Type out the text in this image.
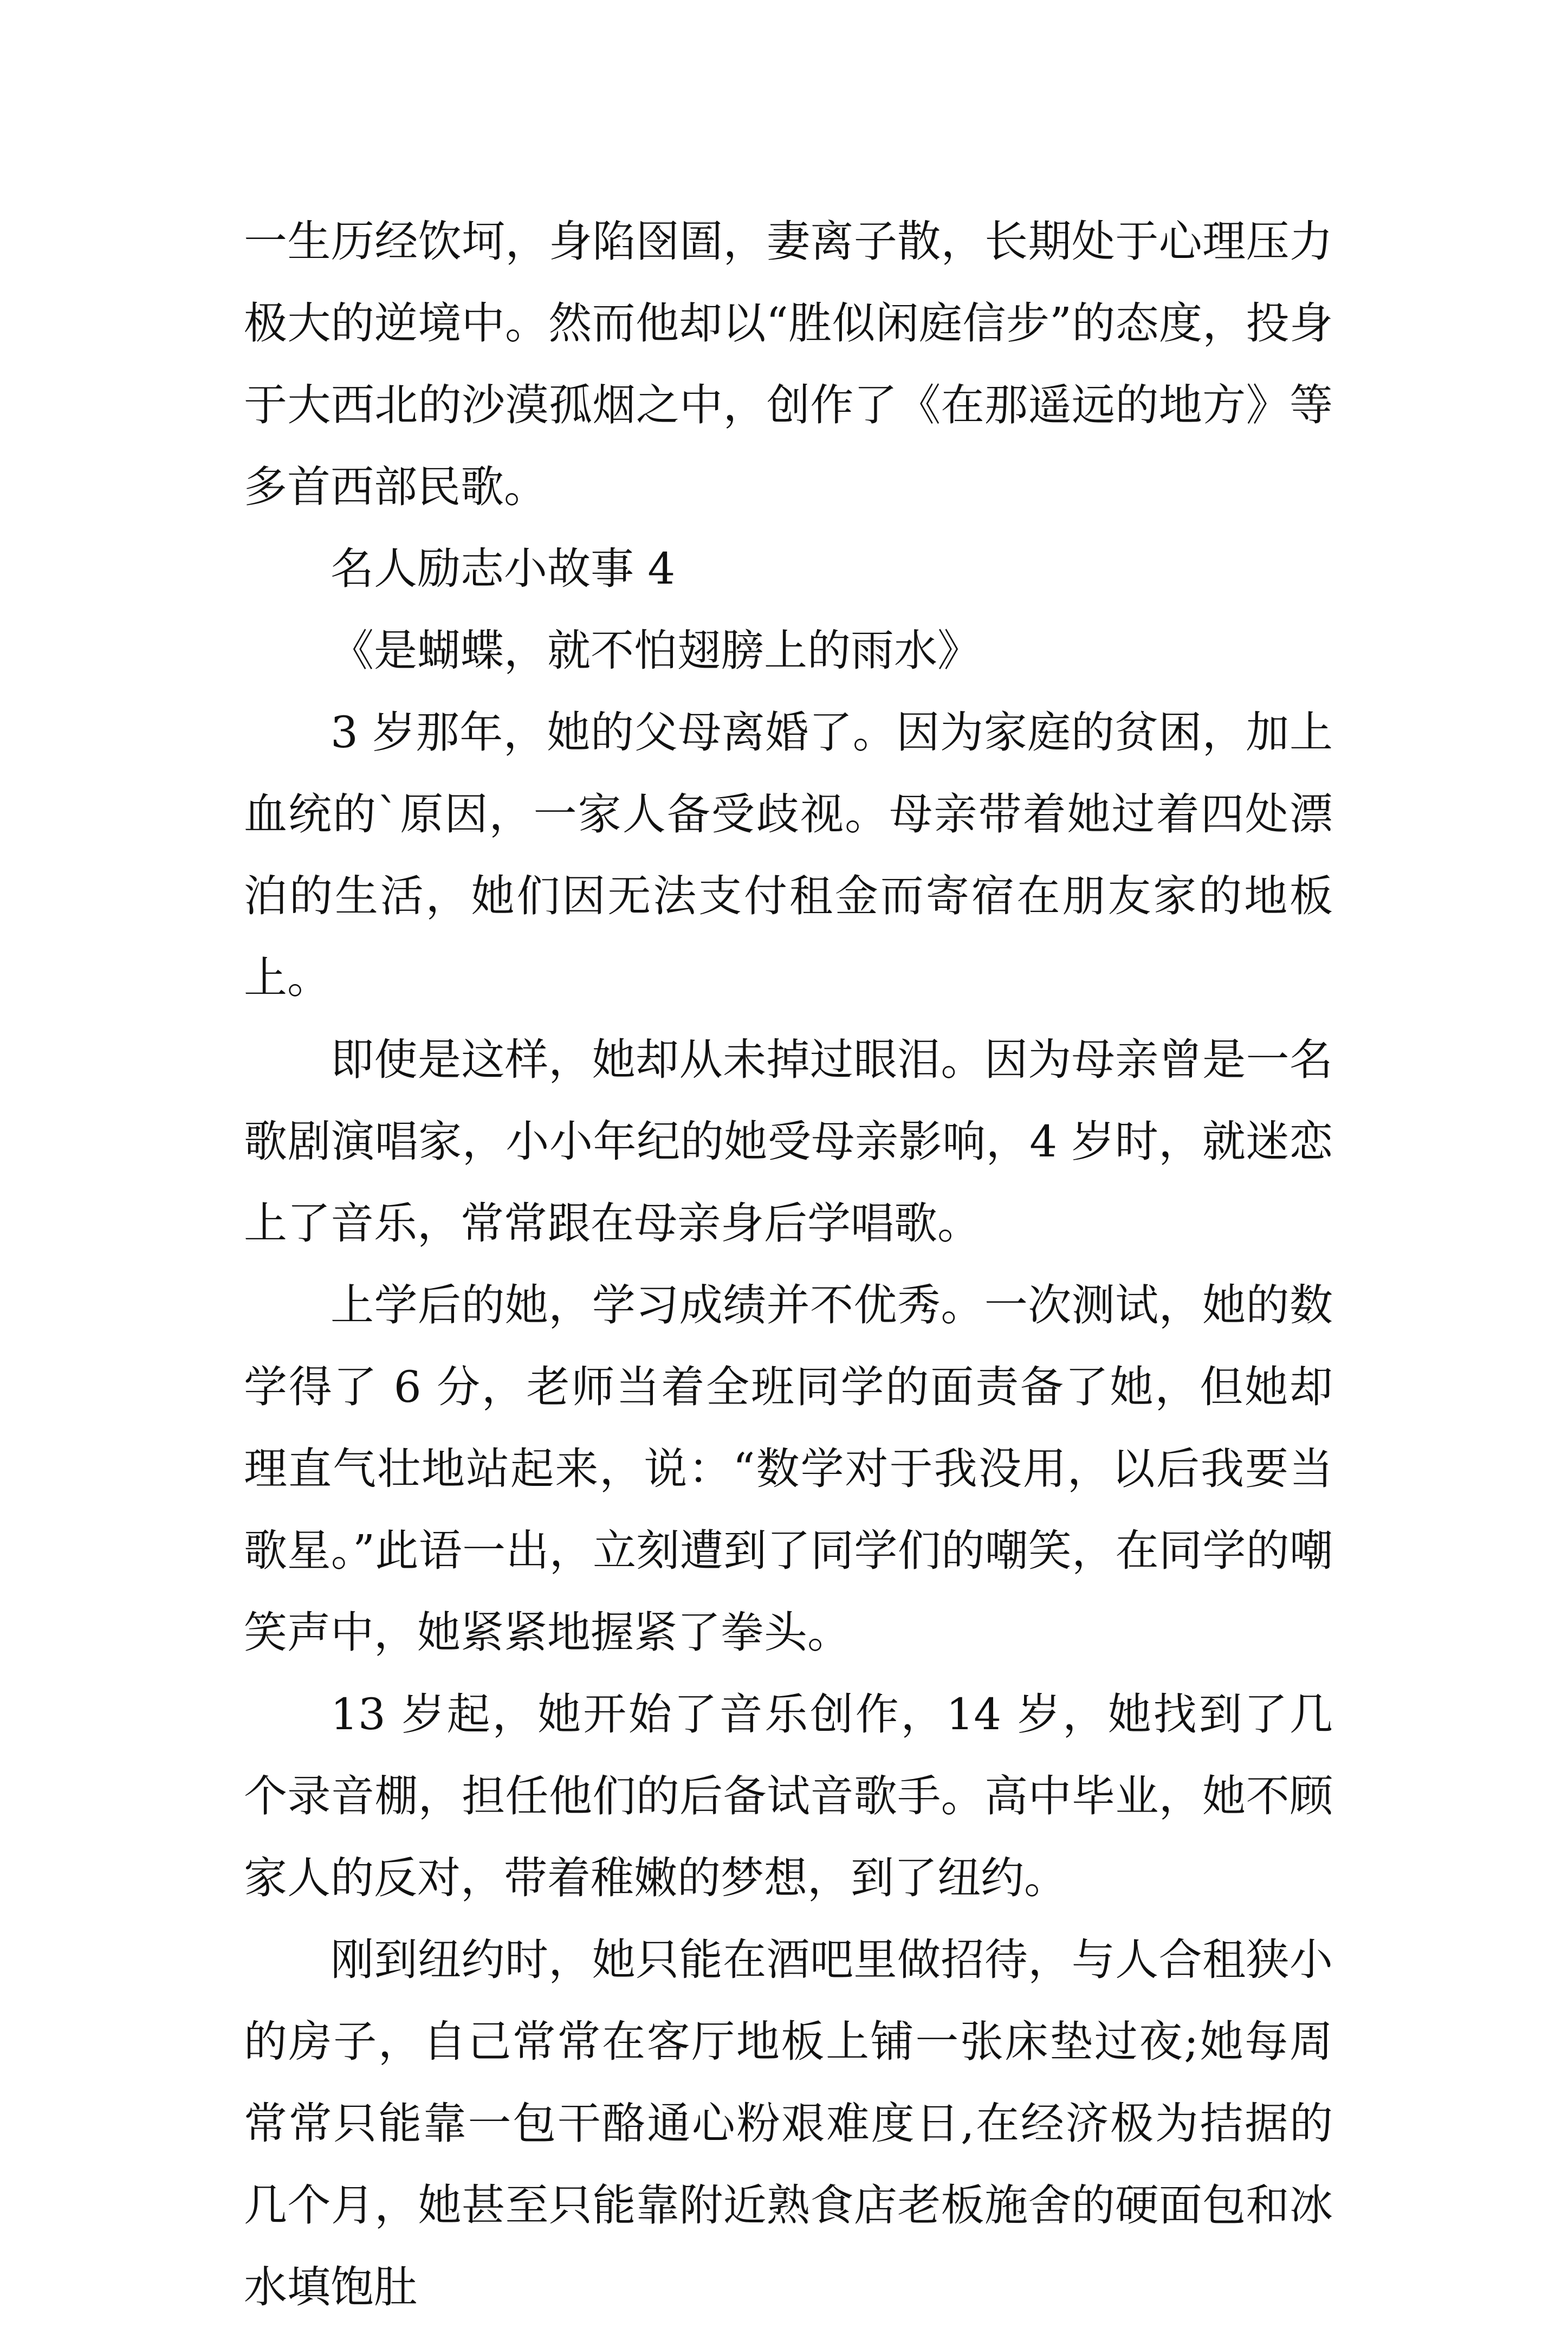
一生历经饮坷，身陷囹圄，妻离子散，长期处于心理压力极大的逆境中。然而他却以“胜似闲庭信步”的态度，投身于大西北的沙漠孤烟之中，创作了《在那遥远的地方》等多首西部民歌。

名人励志小故事 4

《是蝴蝶，就不怕翅膀上的雨水》

3 岁那年，她的父母离婚了。因为家庭的贫困，加上血统的`原因，一家人备受歧视。母亲带着她过着四处漂泊的生活，她们因无法支付租金而寄宿在朋友家的地板上。

即使是这样，她却从未掉过眼泪。因为母亲曾是一名歌剧演唱家，小小年纪的她受母亲影响，4 岁时，就迷恋上了音乐，常常跟在母亲身后学唱歌。

上学后的她，学习成绩并不优秀。一次测试，她的数学得了 6 分，老师当着全班同学的面责备了她，但她却理直气壮地站起来，说：“数学对于我没用，以后我要当歌星。”此语一出，立刻遭到了同学们的嘲笑，在同学的嘲笑声中，她紧紧地握紧了拳头。

13 岁起，她开始了音乐创作，14 岁，她找到了几个录音棚，担任他们的后备试音歌手。高中毕业，她不顾家人的反对，带着稚嫩的梦想，到了纽约。

刚到纽约时，她只能在酒吧里做招待，与人合租狭小的房子，自己常常在客厅地板上铺一张床垫过夜;她每周常常只能靠一包干酪通心粉艰难度日,在经济极为拮据的几个月，她甚至只能靠附近熟食店老板施舍的硬面包和冰水填饱肚
